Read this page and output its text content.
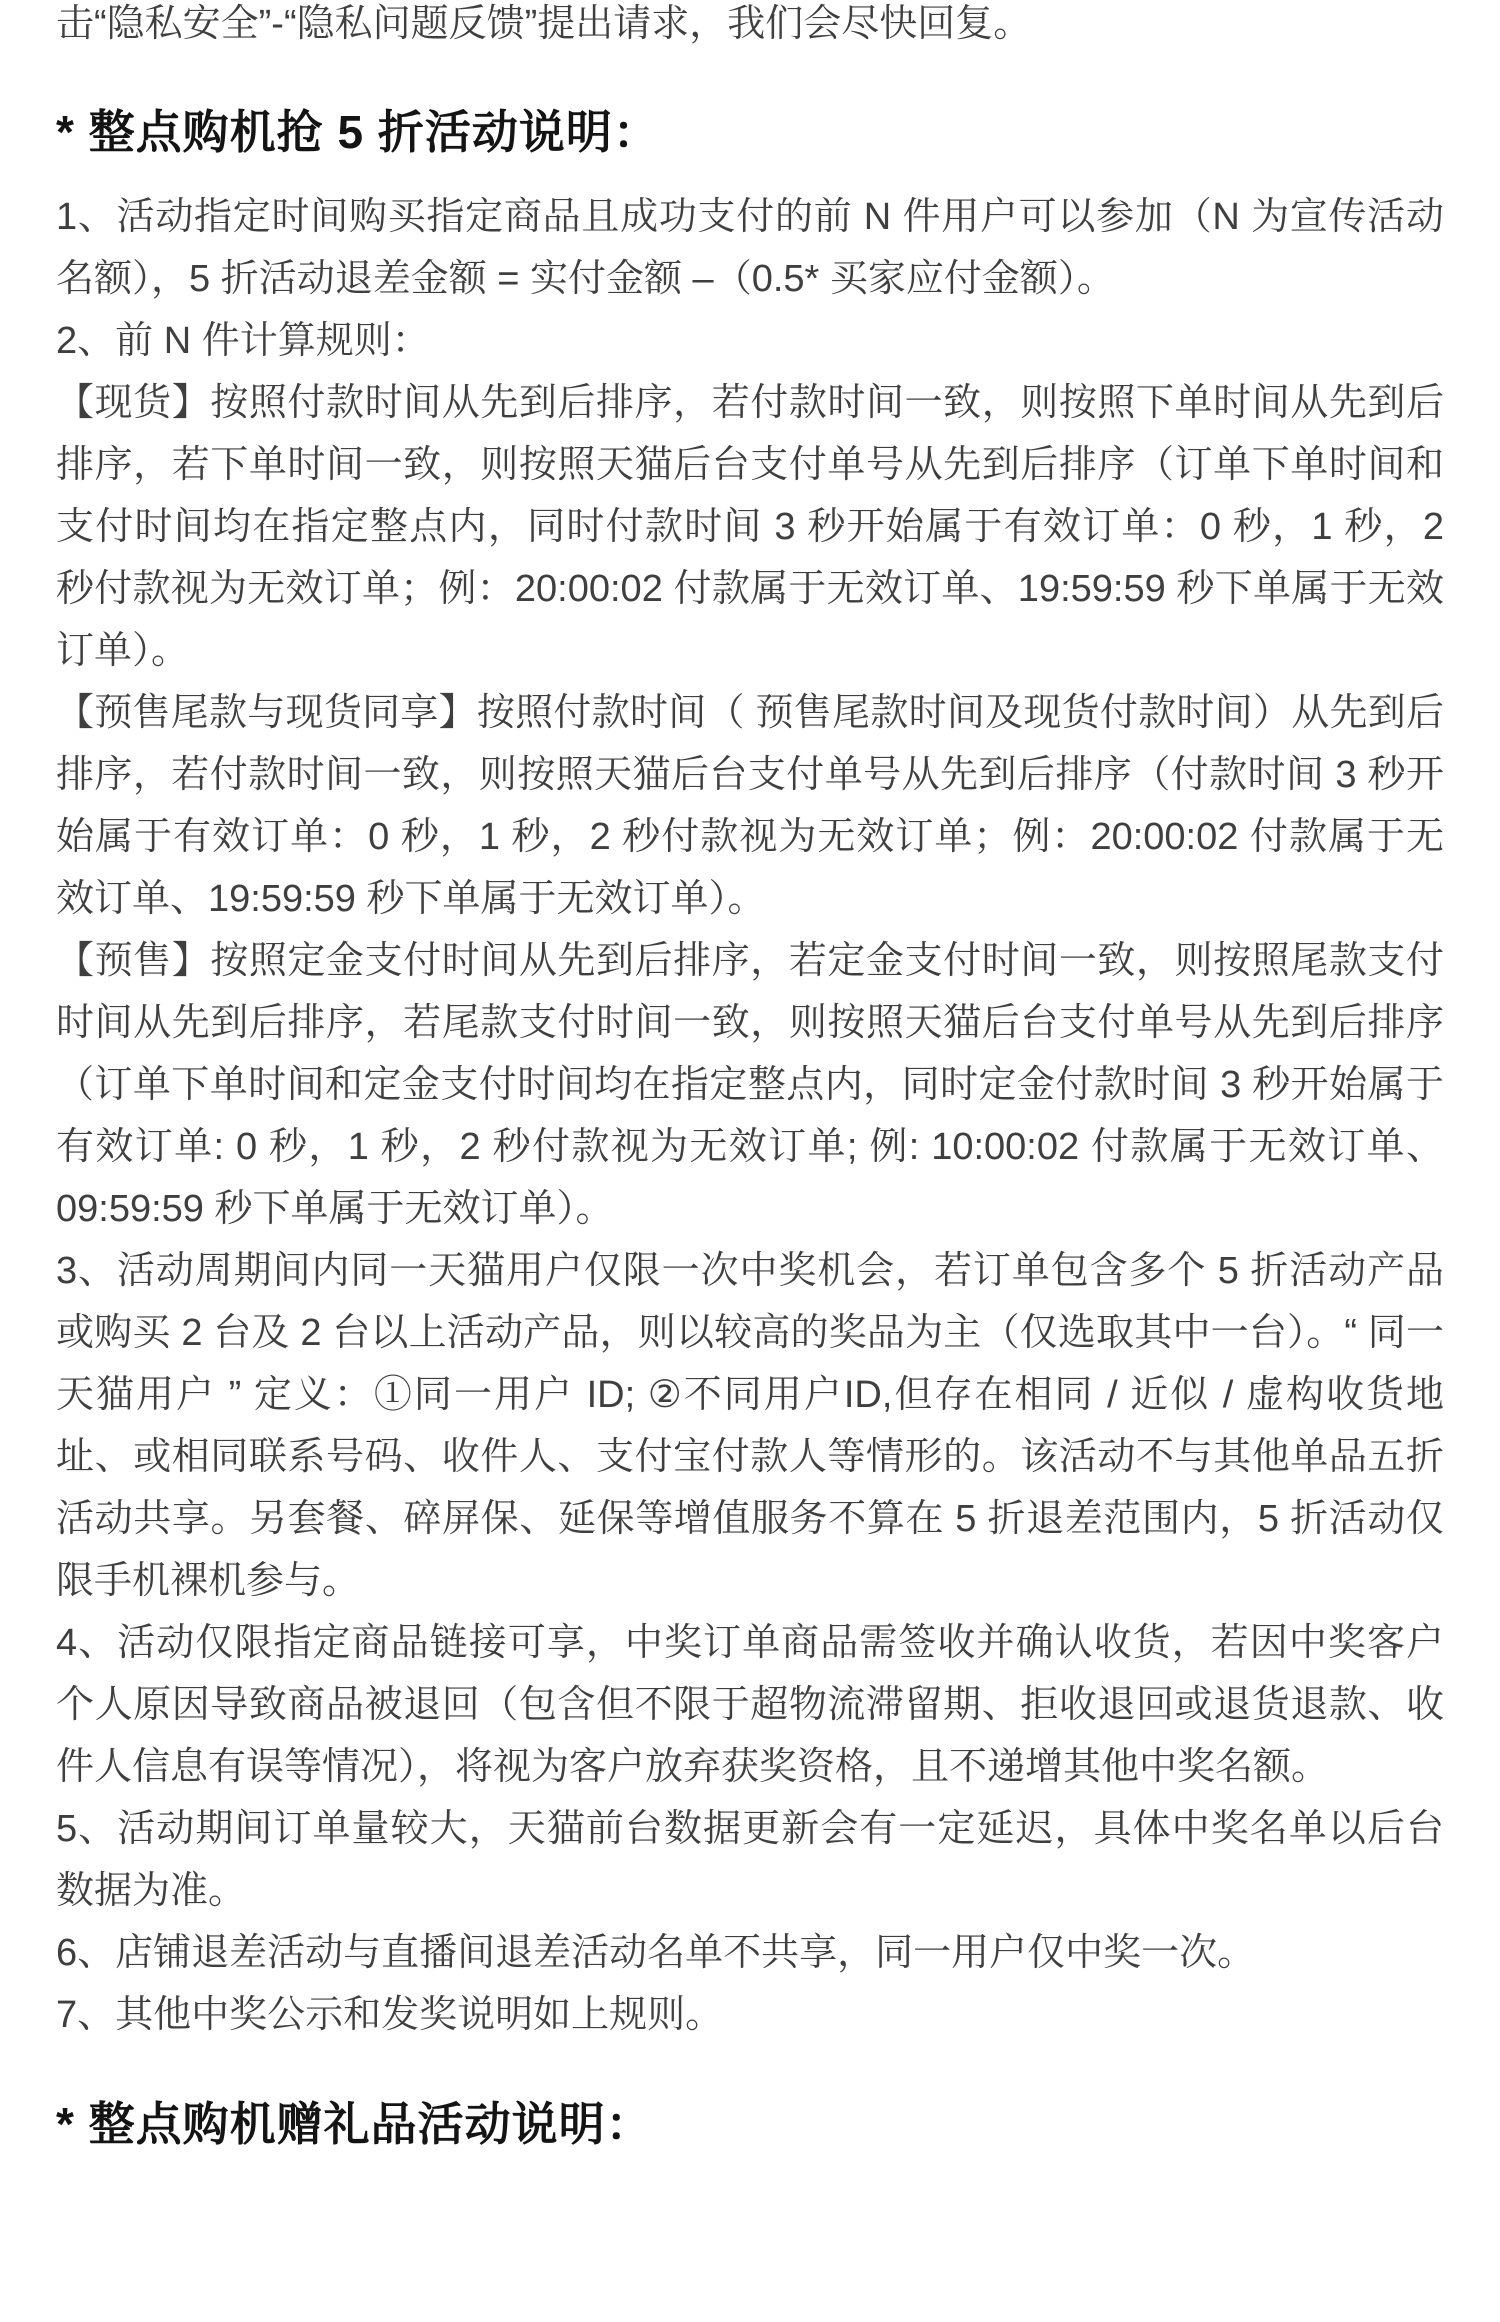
击“隐私安全”-“隐私问题反馈”提出请求，我们会尽快回复。

* 整点购机抢 5 折活动说明：

1、活动指定时间购买指定商品且成功支付的前 N 件用户可以参加（N 为宣传活动名额），5 折活动退差金额 = 实付金额 –（0.5* 买家应付金额）。

2、前 N 件计算规则：

【现货】按照付款时间从先到后排序，若付款时间一致，则按照下单时间从先到后排序，若下单时间一致，则按照天猫后台支付单号从先到后排序（订单下单时间和支付时间均在指定整点内，同时付款时间 3 秒开始属于有效订单：0 秒，1 秒，2 秒付款视为无效订单；例：20:00:02 付款属于无效订单、19:59:59 秒下单属于无效订单）。

【预售尾款与现货同享】按照付款时间（ 预售尾款时间及现货付款时间）从先到后排序，若付款时间一致，则按照天猫后台支付单号从先到后排序（付款时间 3 秒开始属于有效订单：0 秒，1 秒，2 秒付款视为无效订单；例：20:00:02 付款属于无效订单、19:59:59 秒下单属于无效订单）。

【预售】按照定金支付时间从先到后排序，若定金支付时间一致，则按照尾款支付时间从先到后排序，若尾款支付时间一致，则按照天猫后台支付单号从先到后排序（订单下单时间和定金支付时间均在指定整点内，同时定金付款时间 3 秒开始属于有效订单: 0 秒，1 秒，2 秒付款视为无效订单; 例: 10:00:02 付款属于无效订单、09:59:59 秒下单属于无效订单）。

3、活动周期间内同一天猫用户仅限一次中奖机会，若订单包含多个 5 折活动产品或购买 2 台及 2 台以上活动产品，则以较高的奖品为主（仅选取其中一台）。“ 同一天猫用户 ” 定义：①同一用户 ID; ②不同用户ID,但存在相同 / 近似 / 虚构收货地址、或相同联系号码、收件人、支付宝付款人等情形的。该活动不与其他单品五折活动共享。另套餐、碎屏保、延保等增值服务不算在 5 折退差范围内，5 折活动仅限手机裸机参与。

4、活动仅限指定商品链接可享，中奖订单商品需签收并确认收货，若因中奖客户个人原因导致商品被退回（包含但不限于超物流滞留期、拒收退回或退货退款、收件人信息有误等情况），将视为客户放弃获奖资格，且不递增其他中奖名额。

5、活动期间订单量较大，天猫前台数据更新会有一定延迟，具体中奖名单以后台数据为准。

6、店铺退差活动与直播间退差活动名单不共享，同一用户仅中奖一次。

7、其他中奖公示和发奖说明如上规则。

* 整点购机赠礼品活动说明：
